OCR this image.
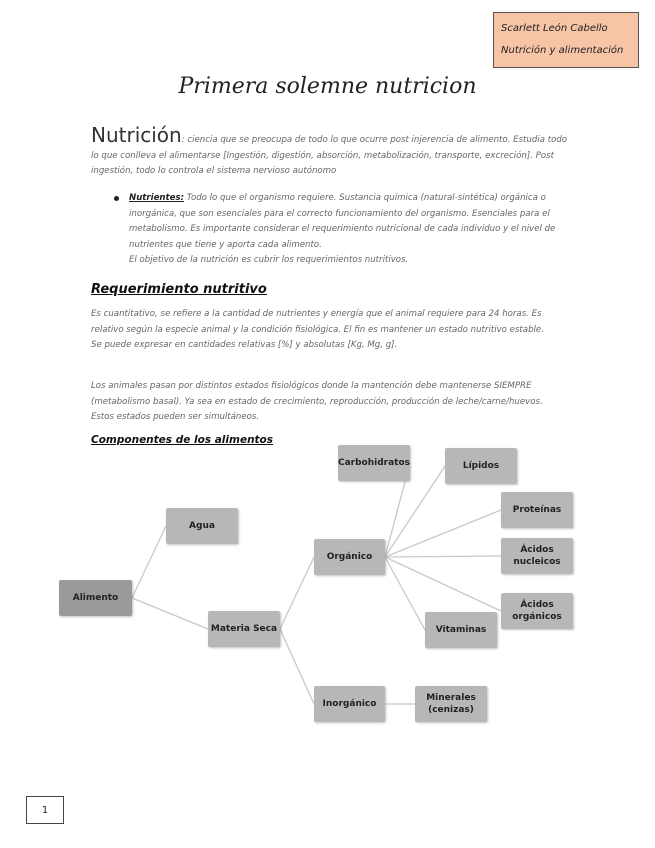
Scarlett León Cabello
Nutrición y alimentación
Primera solemne nutricion
Nutrición: ciencia que se preocupa de todo lo que ocurre post injerencia de alimento. Estudia todo lo que conlleva el alimentarse [Ingestión, digestión, absorción, metabolización, transporte, excreción]. Post ingestión, todo lo controla el sistema nervioso autónomo
Nutrientes: Todo lo que el organismo requiere. Sustancia química (natural-sintética) orgánica o inorgánica, que son esenciales para el correcto funcionamiento del organismo. Esenciales para el metabolismo. Es importante considerar el requerimiento nutricional de cada individuo y el nivel de nutrientes que tiene y aporta cada alimento.
El objetivo de la nutrición es cubrir los requerimientos nutritivos.
Requerimiento nutritivo
Es cuantitativo, se refiere a la cantidad de nutrientes y energía que el animal requiere para 24 horas. Es relativo según la especie animal y la condición fisiológica. El fin es mantener un estado nutritivo estable.
Se puede expresar en cantidades relativas [%] y absolutas [Kg, Mg, g].
Los animales pasan por distintos estados fisiológicos donde la mantención debe mantenerse SIEMPRE (metabolismo basal). Ya sea en estado de crecimiento, reproducción, producción de leche/carne/huevos. Estos estados pueden ser simultáneos.
Componentes de los alimentos
Alimento
Agua
Materia Seca
Orgánico
Inorgánico
Minerales (cenizas)
Carbohidratos	Lípidos
Proteínas
Ácidos nucleicos
Ácidos orgánicos
Vitaminas
1
